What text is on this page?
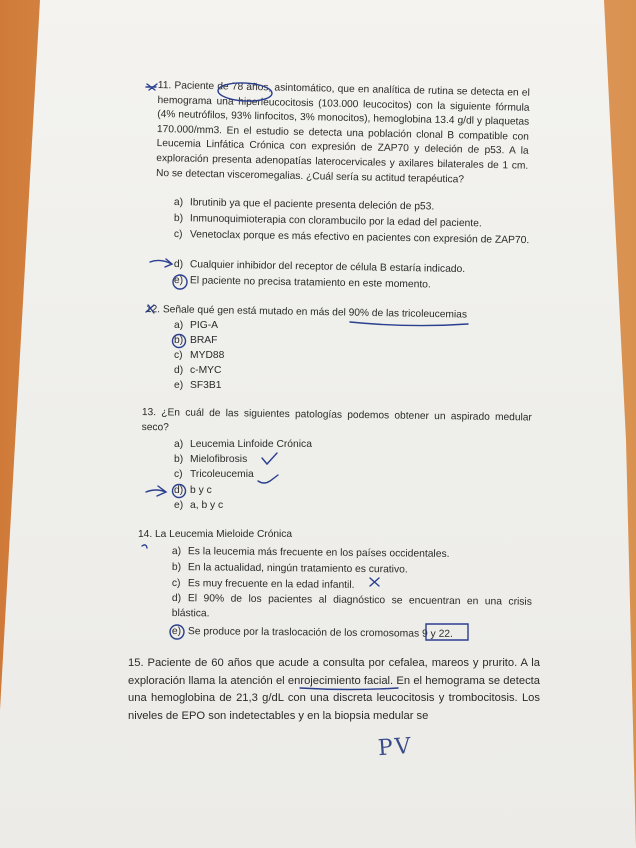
11. Paciente de 78 años, asintomático, que en analítica de rutina se detecta en el hemograma una hiperleucocitosis (103.000 leucocitos) con la siguiente fórmula (4% neutrófilos, 93% linfocitos, 3% monocitos), hemoglobina 13.4 g/dl y plaquetas 170.000/mm3. En el estudio se detecta una población clonal B compatible con Leucemia Linfática Crónica con expresión de ZAP70 y deleción de p53. A la exploración presenta adenopatías laterocervicales y axilares bilaterales de 1 cm. No se detectan visceromegalias. ¿Cuál sería su actitud terapéutica?

a) Ibrutinib ya que el paciente presenta deleción de p53.

b) Inmunoquimioterapia con clorambucilo por la edad del paciente.

c) Venetoclax porque es más efectivo en pacientes con expresión de ZAP70.

d) Cualquier inhibidor del receptor de célula B estaría indicado.

e) El paciente no precisa tratamiento en este momento.

12. Señale qué gen está mutado en más del 90% de las tricoleucemias

a) PIG-A

b) BRAF

c) MYD88

d) c-MYC

e) SF3B1

13. ¿En cuál de las siguientes patologías podemos obtener un aspirado medular seco?

a) Leucemia Linfoide Crónica

b) Mielofibrosis

c) Tricoleucemia

d) b y c

e) a, b y c

14. La Leucemia Mieloide Crónica

a) Es la leucemia más frecuente en los países occidentales.

b) En la actualidad, ningún tratamiento es curativo.

c) Es muy frecuente en la edad infantil.

d) El 90% de los pacientes al diagnóstico se encuentran en una crisis blástica.

e) Se produce por la traslocación de los cromosomas 9 y 22.

15. Paciente de 60 años que acude a consulta por cefalea, mareos y prurito. A la exploración llama la atención el enrojecimiento facial. En el hemograma se detecta una hemoglobina de 21,3 g/dL con una discreta leucocitosis y trombocitosis. Los niveles de EPO son indetectables y en la biopsia medular se

PV
